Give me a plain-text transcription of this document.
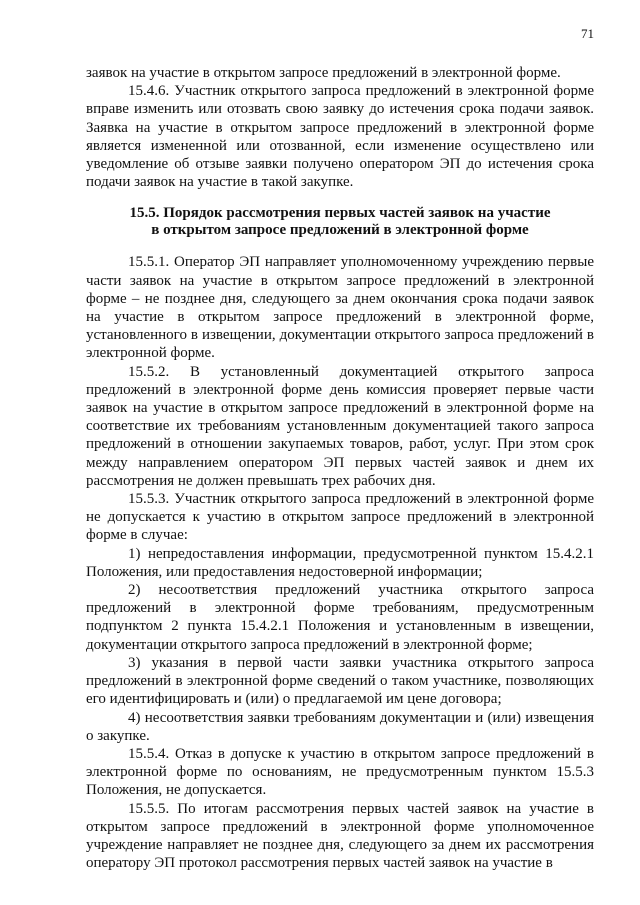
71

заявок на участие в открытом запросе предложений в электронной форме.

15.4.6. Участник открытого запроса предложений в электронной форме вправе изменить или отозвать свою заявку до истечения срока подачи заявок. Заявка на участие в открытом запросе предложений в электронной форме является измененной или отозванной, если изменение осуществлено или уведомление об отзыве заявки получено оператором ЭП до истечения срока подачи заявок на участие в такой закупке.

15.5. Порядок рассмотрения первых частей заявок на участие
в открытом запросе предложений в электронной форме

15.5.1. Оператор ЭП направляет уполномоченному учреждению первые части заявок на участие в открытом запросе предложений в электронной форме – не позднее дня, следующего за днем окончания срока подачи заявок на участие в открытом запросе предложений в электронной форме, установленного в извещении, документации открытого запроса предложений в электронной форме.

15.5.2. В установленный документацией открытого запроса предложений в электронной форме день комиссия проверяет первые части заявок на участие в открытом запросе предложений в электронной форме на соответствие их требованиям установленным документацией такого запроса предложений в отношении закупаемых товаров, работ, услуг. При этом срок между направлением оператором ЭП первых частей заявок и днем их рассмотрения не должен превышать трех рабочих дня.

15.5.3. Участник открытого запроса предложений в электронной форме не допускается к участию в открытом запросе предложений в электронной форме в случае:

1) непредоставления информации, предусмотренной пунктом 15.4.2.1 Положения, или предоставления недостоверной информации;

2) несоответствия предложений участника открытого запроса предложений в электронной форме требованиям, предусмотренным подпунктом 2 пункта 15.4.2.1 Положения и установленным в извещении, документации открытого запроса предложений в электронной форме;

3) указания в первой части заявки участника открытого запроса предложений в электронной форме сведений о таком участнике, позволяющих его идентифицировать и (или) о предлагаемой им цене договора;

4) несоответствия заявки требованиям документации и (или) извещения о закупке.

15.5.4. Отказ в допуске к участию в открытом запросе предложений в электронной форме по основаниям, не предусмотренным пунктом 15.5.3 Положения, не допускается.

15.5.5. По итогам рассмотрения первых частей заявок на участие в открытом запросе предложений в электронной форме уполномоченное учреждение направляет не позднее дня, следующего за днем их рассмотрения оператору ЭП протокол рассмотрения первых частей заявок на участие в
